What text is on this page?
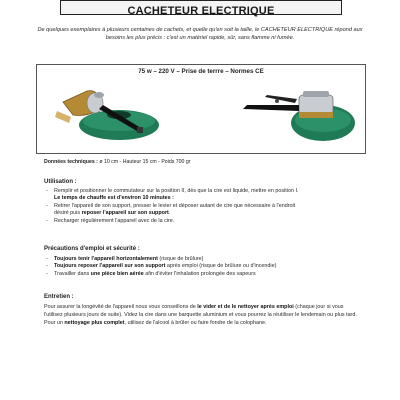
CACHETEUR ELECTRIQUE
De quelques exemplaires à plusieurs centaines de cachets, et quelle qu'en soit la taille, le CACHETEUR ELECTRIQUE répond aux besoins les plus précis : c'est un matériel rapide, sûr, sans flamme ni fumée.
75 w – 220 V – Prise de terrre – Normes CE
Données techniques : ø 10 cm - Hauteur 15 cm - Poids 700 gr
Utilisation :
- Remplir et positionner le commutateur sur la position II, dès que la cire est liquide, mettre en position I.
Le temps de chauffe est d'environ 10 minutes :
- Retirer l'appareil de son support, presser le levier et déposer autant de cire que nécessaire à l'endroit
désiré puis reposer l'appareil sur son support.
- Recharger régulièrement l'appareil avec de la cire.
Précautions d'emploi et sécurité :
- Toujours tenir l'appareil horizontalement (risque de brûlure)
- Toujours reposer l'appareil sur son support après emploi (risque de brûlure ou d'incendie)
- Travailler dans une pièce bien aérée afin d'éviter l'inhalation prolongée des vapeurs
Entretien :
Pour assurer la longévité de l'appareil nous vous conseillons de le vider et de le nettoyer après emploi (chaque jour si vous l'utilisez plusieurs jours de suite). Videz la cire dans une barquette aluminium et vous pourrez la réutiliser le lendemain ou plus tard. Pour un nettoyage plus complet, utilisez de l'alcool à brûler ou faire fondre de la colophane.
